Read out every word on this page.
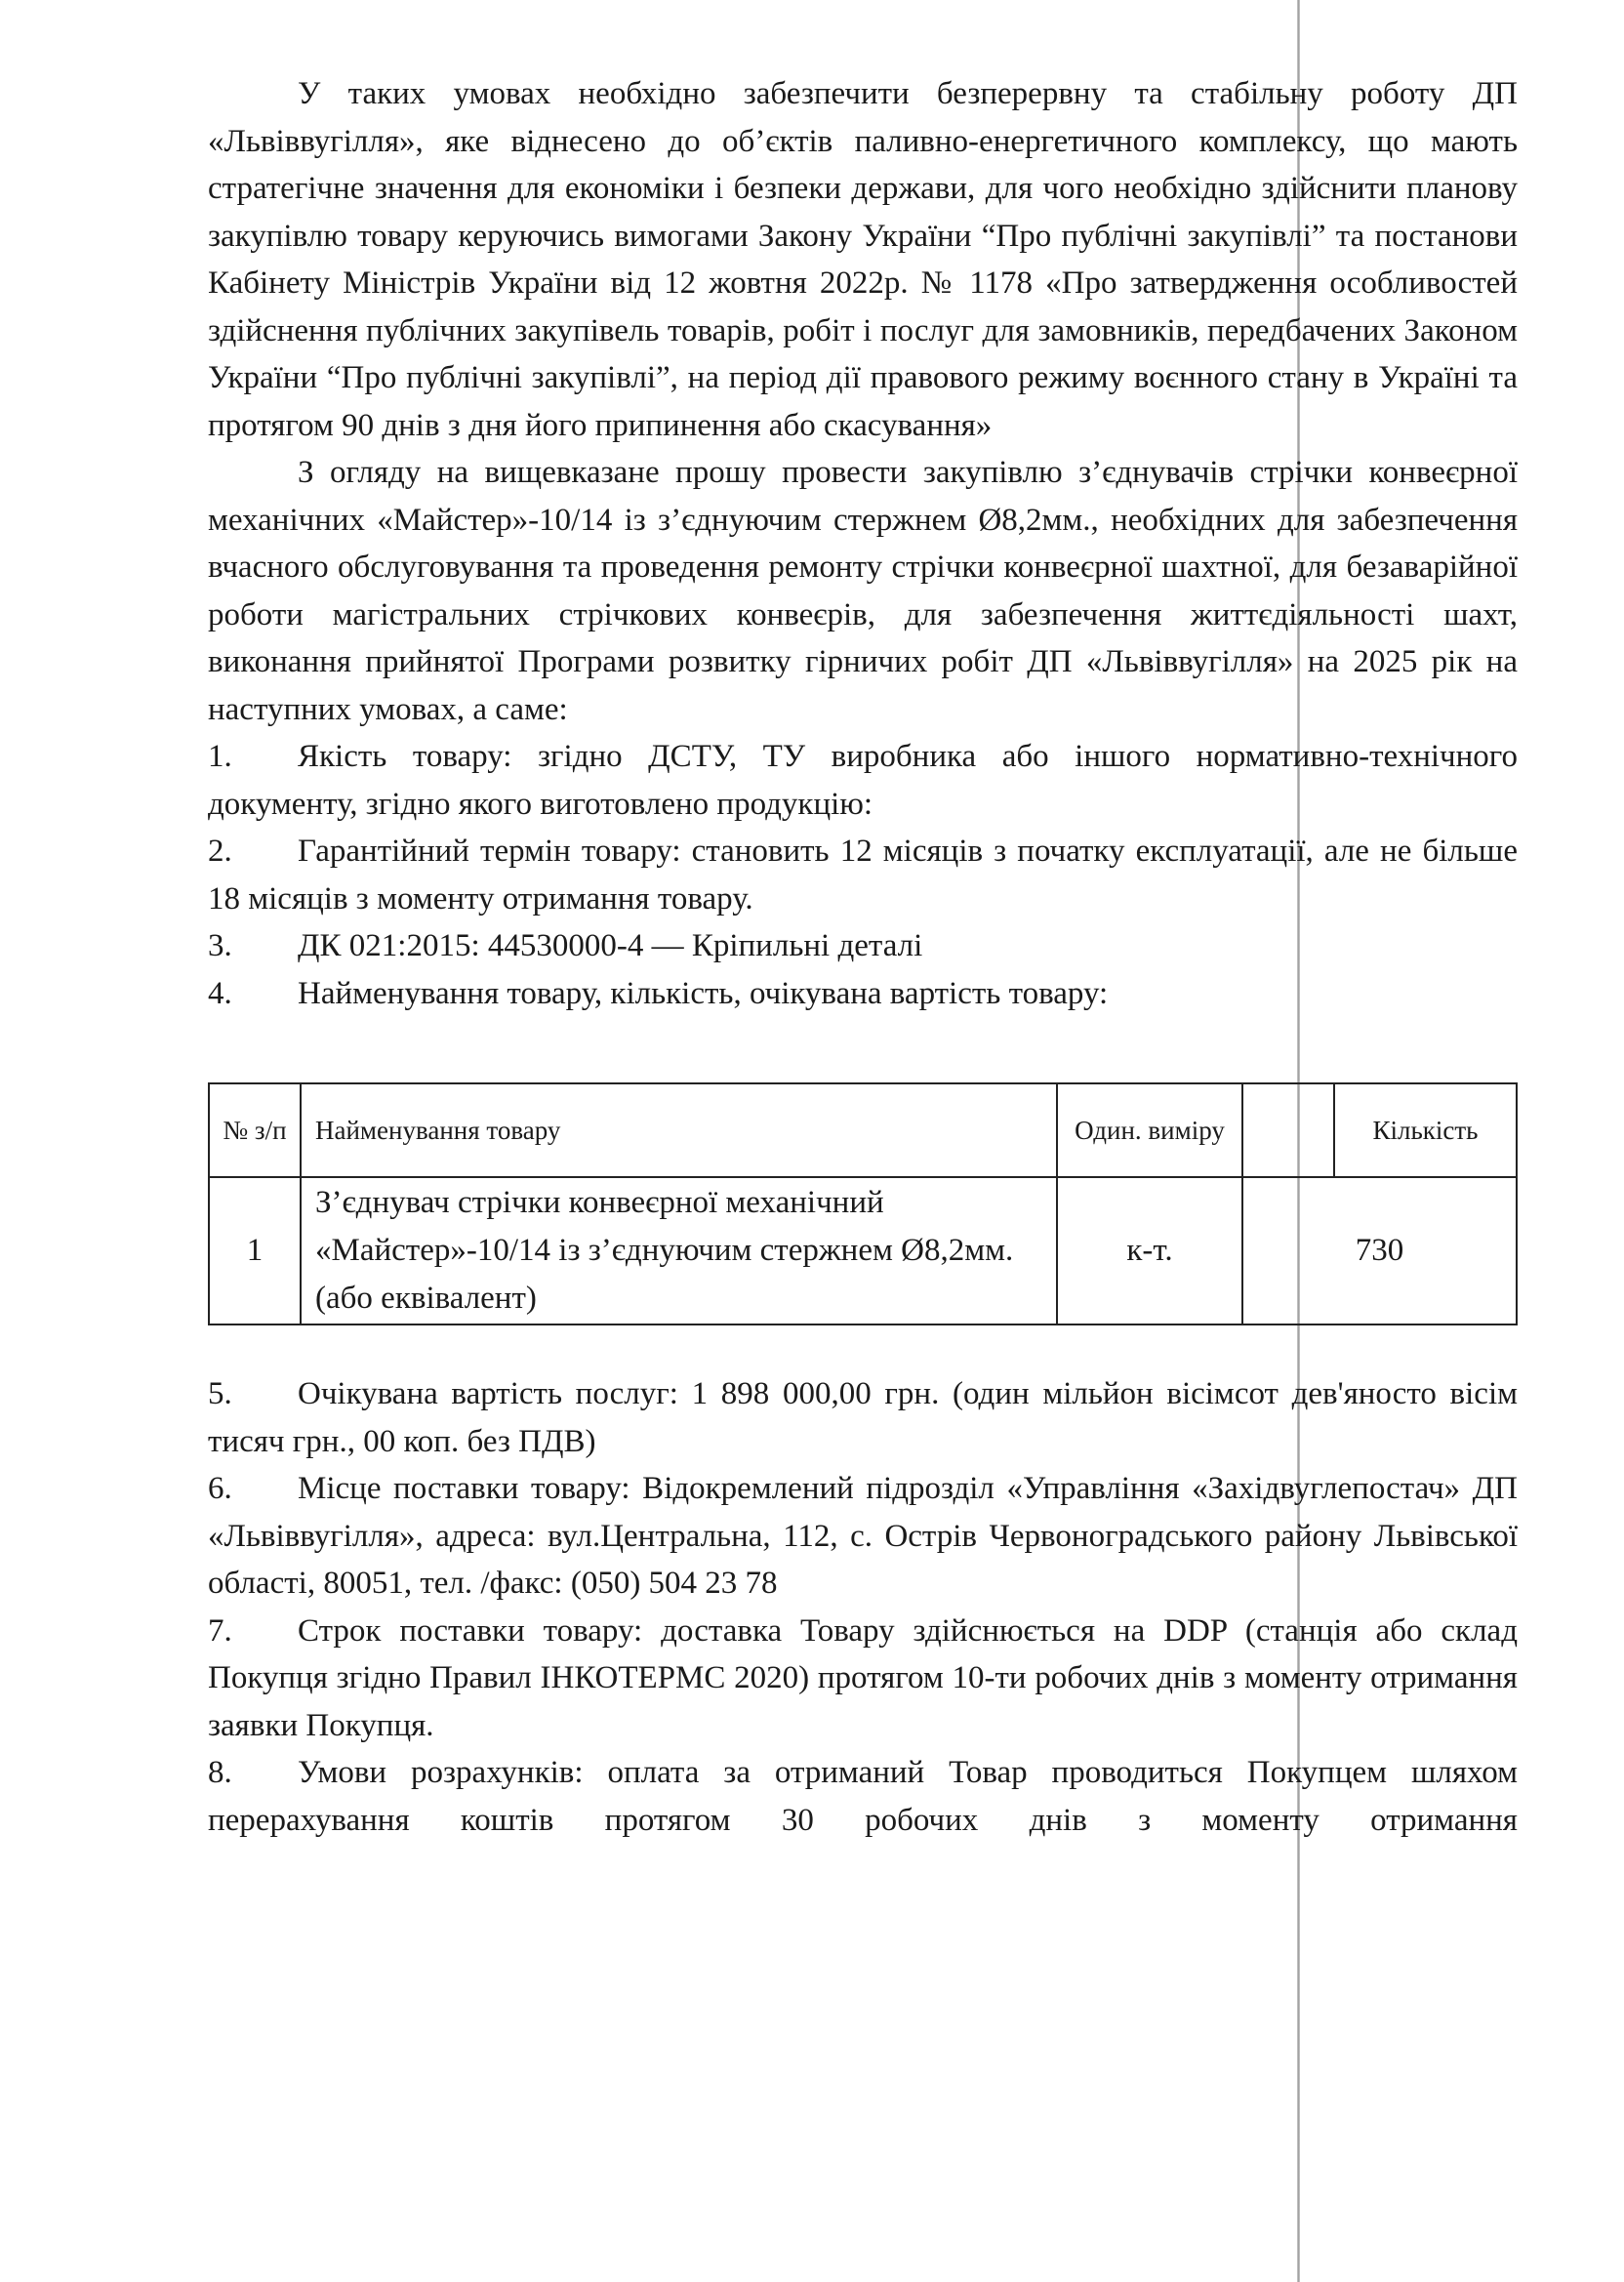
У таких умовах необхідно забезпечити безперервну та стабільну роботу ДП «Львіввугілля», яке віднесено до об’єктів паливно-енергетичного комплексу, що мають стратегічне значення для економіки і безпеки держави, для чого необхідно здійснити планову закупівлю товару керуючись вимогами Закону України “Про публічні закупівлі” та постанови Кабінету Міністрів України від 12 жовтня 2022р. № 1178 «Про затвердження особливостей здійснення публічних закупівель товарів, робіт і послуг для замовників, передбачених Законом України “Про публічні закупівлі”, на період дії правового режиму воєнного стану в Україні та протягом 90 днів з дня його припинення або скасування»

З огляду на вищевказане прошу провести закупівлю з’єднувачів стрічки конвеєрної механічних «Майстер»-10/14 із з’єднуючим стержнем Ø8,2мм., необхідних для забезпечення вчасного обслуговування та проведення ремонту стрічки конвеєрної шахтної, для безаварійної роботи магістральних стрічкових конвеєрів, для забезпечення життєдіяльності шахт, виконання прийнятої Програми розвитку гірничих робіт ДП «Львіввугілля» на 2025 рік на наступних умовах, а саме:

1. Якість товару: згідно ДСТУ, ТУ виробника або іншого нормативно-технічного документу, згідно якого виготовлено продукцію:

2. Гарантійний термін товару: становить 12 місяців з початку експлуатації, але не більше 18 місяців з моменту отримання товару.

3. ДК 021:2015: 44530000-4 — Кріпильні деталі

4. Найменування товару, кількість, очікувана вартість товару:

№ з/п	Найменування товару	Один. виміру		Кількість
1	З’єднувач стрічки конвеєрної механічний «Майстер»-10/14 із з’єднуючим стержнем Ø8,2мм. (або еквівалент)	к-т.	730	

5. Очікувана вартість послуг: 1 898 000,00 грн. (один мільйон вісімсот дев'яносто вісім тисяч грн., 00 коп. без ПДВ)

6. Місце поставки товару: Відокремлений підрозділ «Управління «Західвуглепостач» ДП «Львіввугілля», адреса: вул.Центральна, 112, с. Острів Червоноградського району Львівської області, 80051, тел. /факс: (050) 504 23 78

7. Строк поставки товару: доставка Товару здійснюється на DDP (станція або склад Покупця згідно Правил ІНКОТЕРМС 2020) протягом 10-ти робочих днів з моменту отримання заявки Покупця.

8. Умови розрахунків: оплата за отриманий Товар проводиться Покупцем шляхом перерахування коштів протягом 30 робочих днів з моменту отримання
